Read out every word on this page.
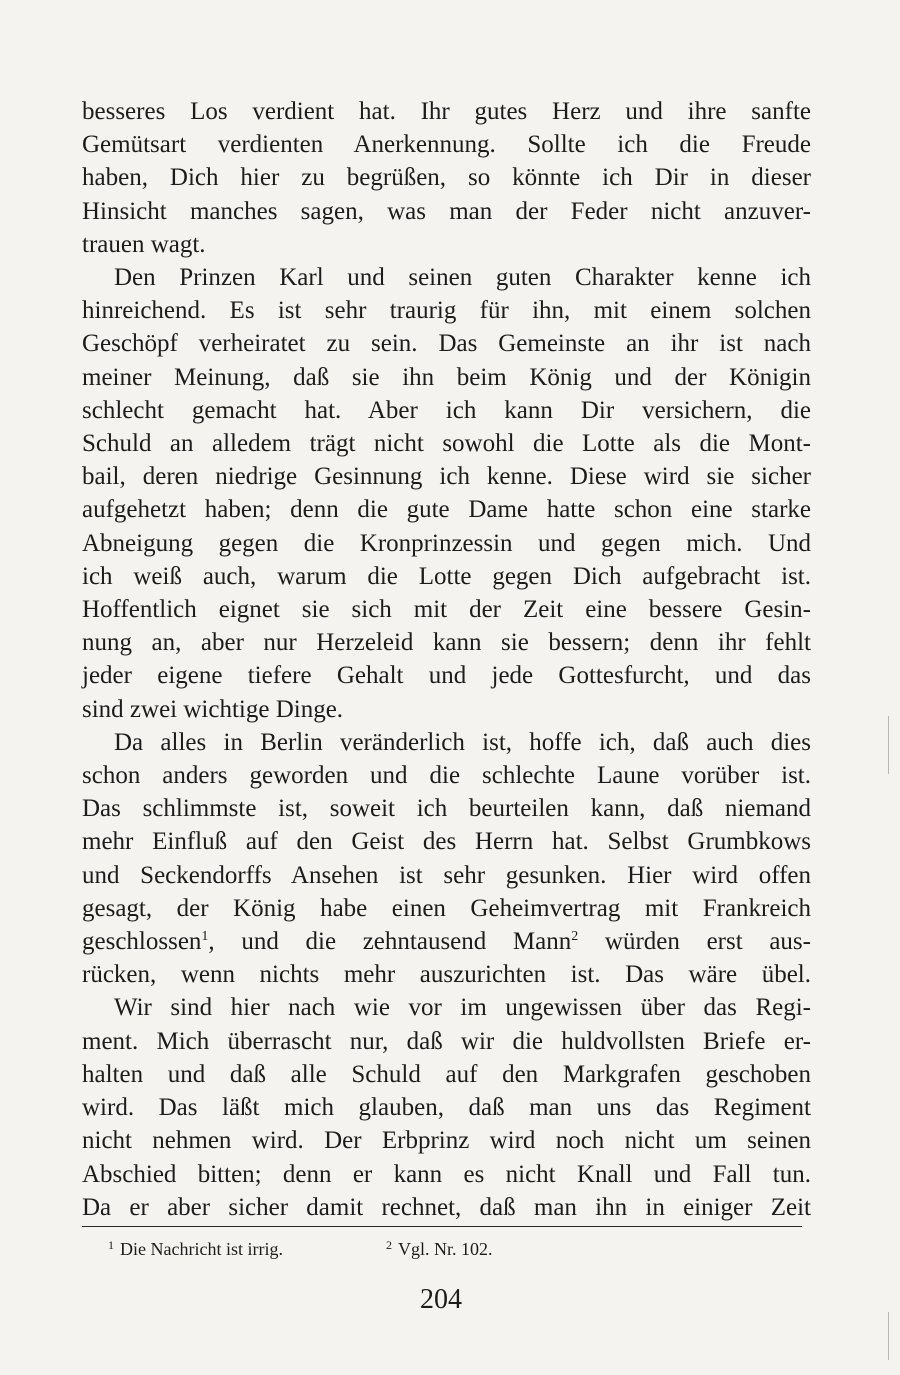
besseres Los verdient hat. Ihr gutes Herz und ihre sanfte
Gemütsart verdienten Anerkennung. Sollte ich die Freude
haben, Dich hier zu begrüßen, so könnte ich Dir in dieser
Hinsicht manches sagen, was man der Feder nicht anzuver-
trauen wagt.
Den Prinzen Karl und seinen guten Charakter kenne ich
hinreichend. Es ist sehr traurig für ihn, mit einem solchen
Geschöpf verheiratet zu sein. Das Gemeinste an ihr ist nach
meiner Meinung, daß sie ihn beim König und der Königin
schlecht gemacht hat. Aber ich kann Dir versichern, die
Schuld an alledem trägt nicht sowohl die Lotte als die Mont-
bail, deren niedrige Gesinnung ich kenne. Diese wird sie sicher
aufgehetzt haben; denn die gute Dame hatte schon eine starke
Abneigung gegen die Kronprinzessin und gegen mich. Und
ich weiß auch, warum die Lotte gegen Dich aufgebracht ist.
Hoffentlich eignet sie sich mit der Zeit eine bessere Gesin-
nung an, aber nur Herzeleid kann sie bessern; denn ihr fehlt
jeder eigene tiefere Gehalt und jede Gottesfurcht, und das
sind zwei wichtige Dinge.
Da alles in Berlin veränderlich ist, hoffe ich, daß auch dies
schon anders geworden und die schlechte Laune vorüber ist.
Das schlimmste ist, soweit ich beurteilen kann, daß niemand
mehr Einfluß auf den Geist des Herrn hat. Selbst Grumbkows
und Seckendorffs Ansehen ist sehr gesunken. Hier wird offen
gesagt, der König habe einen Geheimvertrag mit Frankreich
geschlossen$^1$, und die zehntausend Mann$^2$ würden erst aus-
rücken, wenn nichts mehr auszurichten ist. Das wäre übel.
Wir sind hier nach wie vor im ungewissen über das Regi-
ment. Mich überrascht nur, daß wir die huldvollsten Briefe er-
halten und daß alle Schuld auf den Markgrafen geschoben
wird. Das läßt mich glauben, daß man uns das Regiment
nicht nehmen wird. Der Erbprinz wird noch nicht um seinen
Abschied bitten; denn er kann es nicht Knall und Fall tun.
Da er aber sicher damit rechnet, daß man ihn in einiger Zeit
$^1$ Die Nachricht ist irrig.	$^2$ Vgl. Nr. 102.
204
